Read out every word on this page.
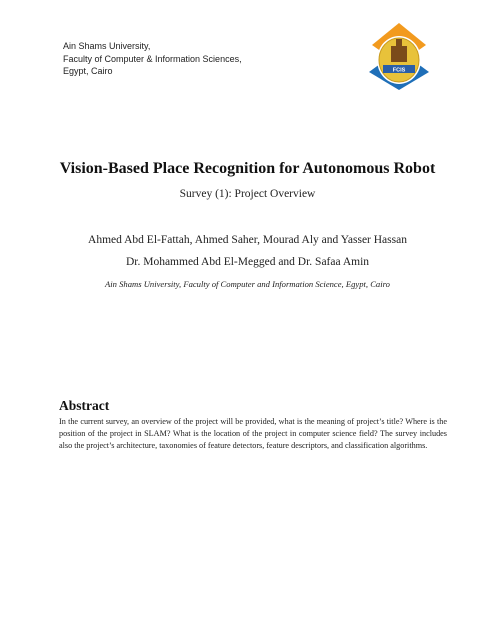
Ain Shams University,
Faculty of Computer & Information Sciences,
Egypt, Cairo	FCIS
Vision-Based Place Recognition for Autonomous Robot
Survey (1): Project Overview
Ahmed Abd El-Fattah, Ahmed Saher, Mourad Aly and Yasser Hassan
Dr. Mohammed Abd El-Megged and Dr. Safaa Amin
Ain Shams University, Faculty of Computer and Information Science, Egypt, Cairo
Abstract
In the current survey, an overview of the project will be provided, what is the meaning of project’s title? Where is the position of the project in SLAM? What is the location of the project in computer science field? The survey includes also the project’s architecture, taxonomies of feature detectors, feature descriptors, and classification algorithms.
